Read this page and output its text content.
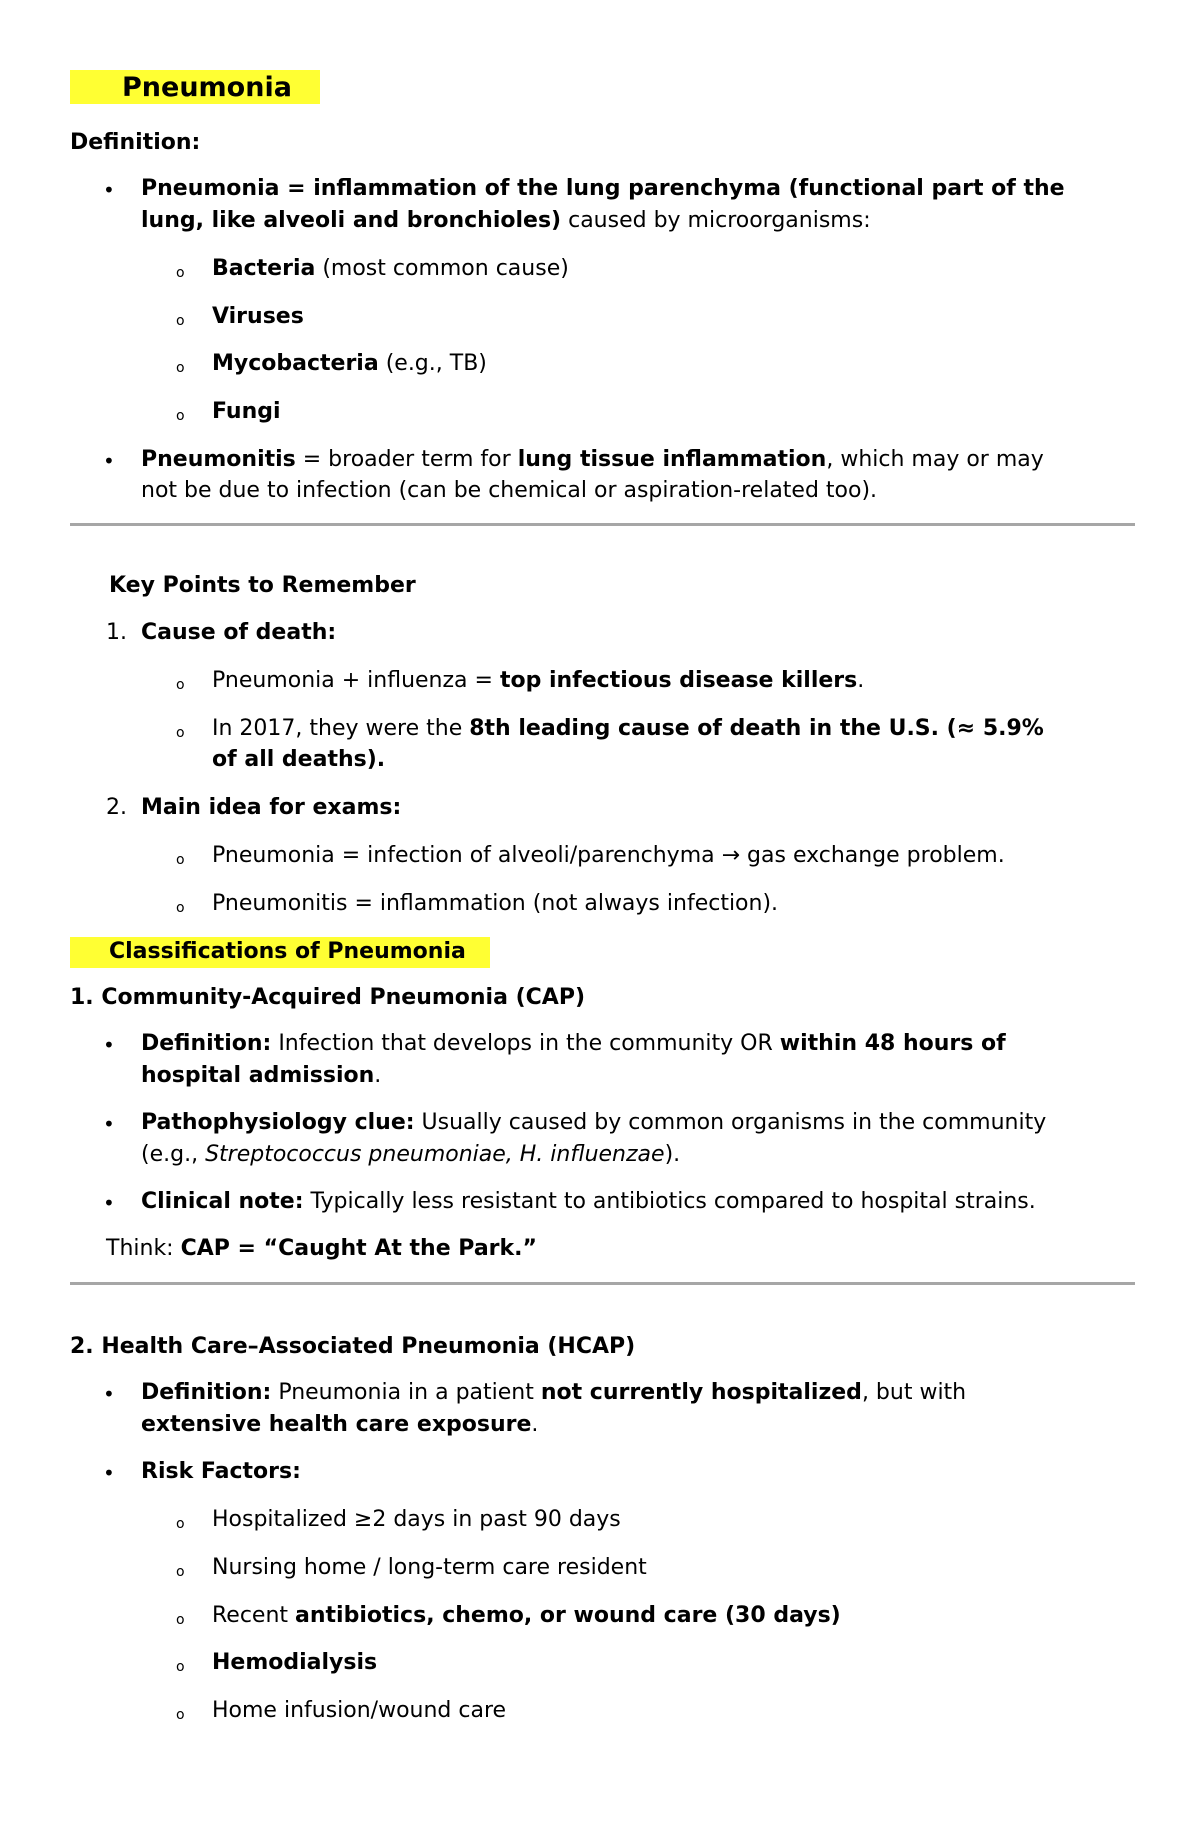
Pneumonia
Definition:
• Pneumonia = inflammation of the lung parenchyma (functional part of the
lung, like alveoli and bronchioles) caused by microorganisms:
o Bacteria (most common cause)
o Viruses
o Mycobacteria (e.g., TB)
o Fungi
• Pneumonitis = broader term for lung tissue inflammation, which may or may
not be due to infection (can be chemical or aspiration-related too).
Key Points to Remember
1. Cause of death:
o Pneumonia + influenza = top infectious disease killers.
o In 2017, they were the 8th leading cause of death in the U.S. (≈ 5.9%
of all deaths).
2. Main idea for exams:
o Pneumonia = infection of alveoli/parenchyma → gas exchange problem.
o Pneumonitis = inflammation (not always infection).
Classifications of Pneumonia
1. Community-Acquired Pneumonia (CAP)
• Definition: Infection that develops in the community OR within 48 hours of
hospital admission.
• Pathophysiology clue: Usually caused by common organisms in the community
(e.g., Streptococcus pneumoniae, H. influenzae).
• Clinical note: Typically less resistant to antibiotics compared to hospital strains.
Think: CAP = “Caught At the Park.”
2. Health Care–Associated Pneumonia (HCAP)
• Definition: Pneumonia in a patient not currently hospitalized, but with
extensive health care exposure.
• Risk Factors:
o Hospitalized ≥2 days in past 90 days
o Nursing home / long-term care resident
o Recent antibiotics, chemo, or wound care (30 days)
o Hemodialysis
o Home infusion/wound care
